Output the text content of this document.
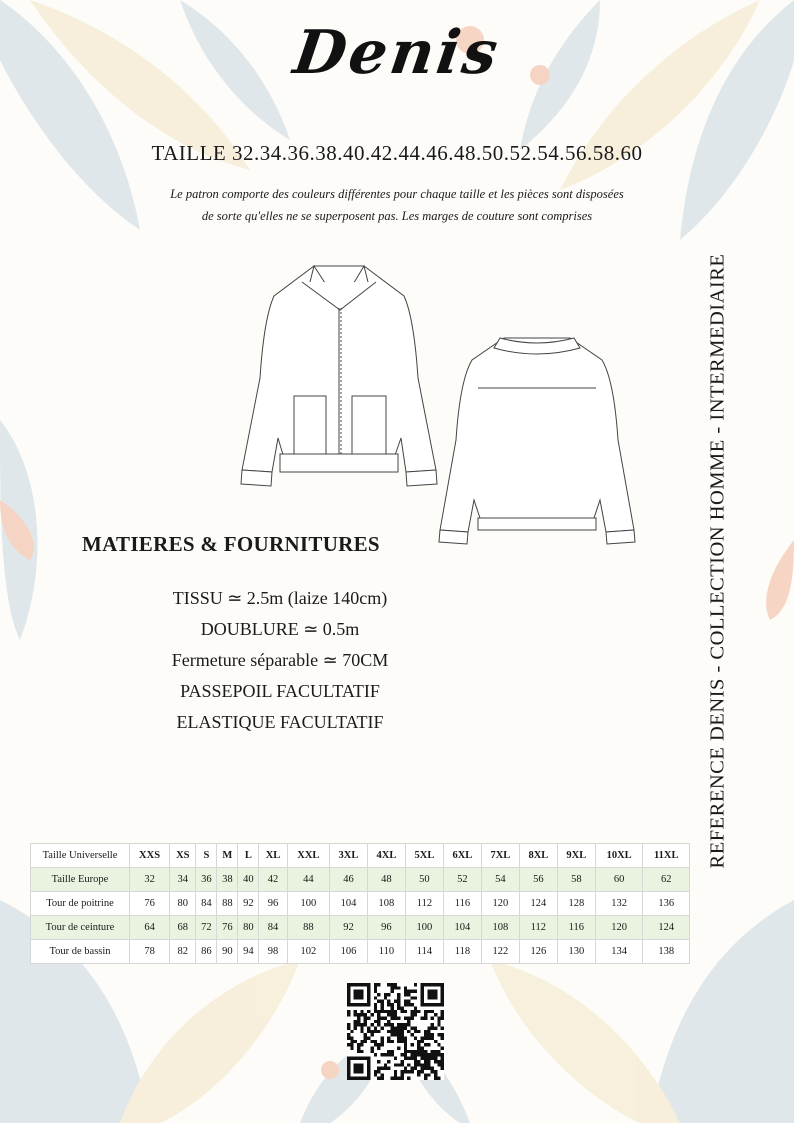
Denis
TAILLE 32.34.36.38.40.42.44.46.48.50.52.54.56.58.60
Le patron comporte des couleurs différentes pour chaque taille et les pièces sont disposées
de sorte qu'elles ne se superposent pas. Les marges de couture sont comprises
MATIERES & FOURNITURES
TISSU ≃ 2.5m (laize 140cm)
DOUBLURE ≃ 0.5m
Fermeture séparable ≃ 70CM
PASSEPOIL FACULTATIF
ELASTIQUE FACULTATIF	REFERENCE DENIS - COLLECTION HOMME - INTERMEDIAIRE
Taille Universelle	XXS	XS	S	M	L	XL	XXL	3XL	4XL	5XL	6XL	7XL	8XL	9XL	10XL	11XL
Taille Europe	32	34	36	38	40	42	44	46	48	50	52	54	56	58	60	62
Tour de poitrine	76	80	84	88	92	96	100	104	108	112	116	120	124	128	132	136
Tour de ceinture	64	68	72	76	80	84	88	92	96	100	104	108	112	116	120	124
Tour de bassin	78	82	86	90	94	98	102	106	110	114	118	122	126	130	134	138
